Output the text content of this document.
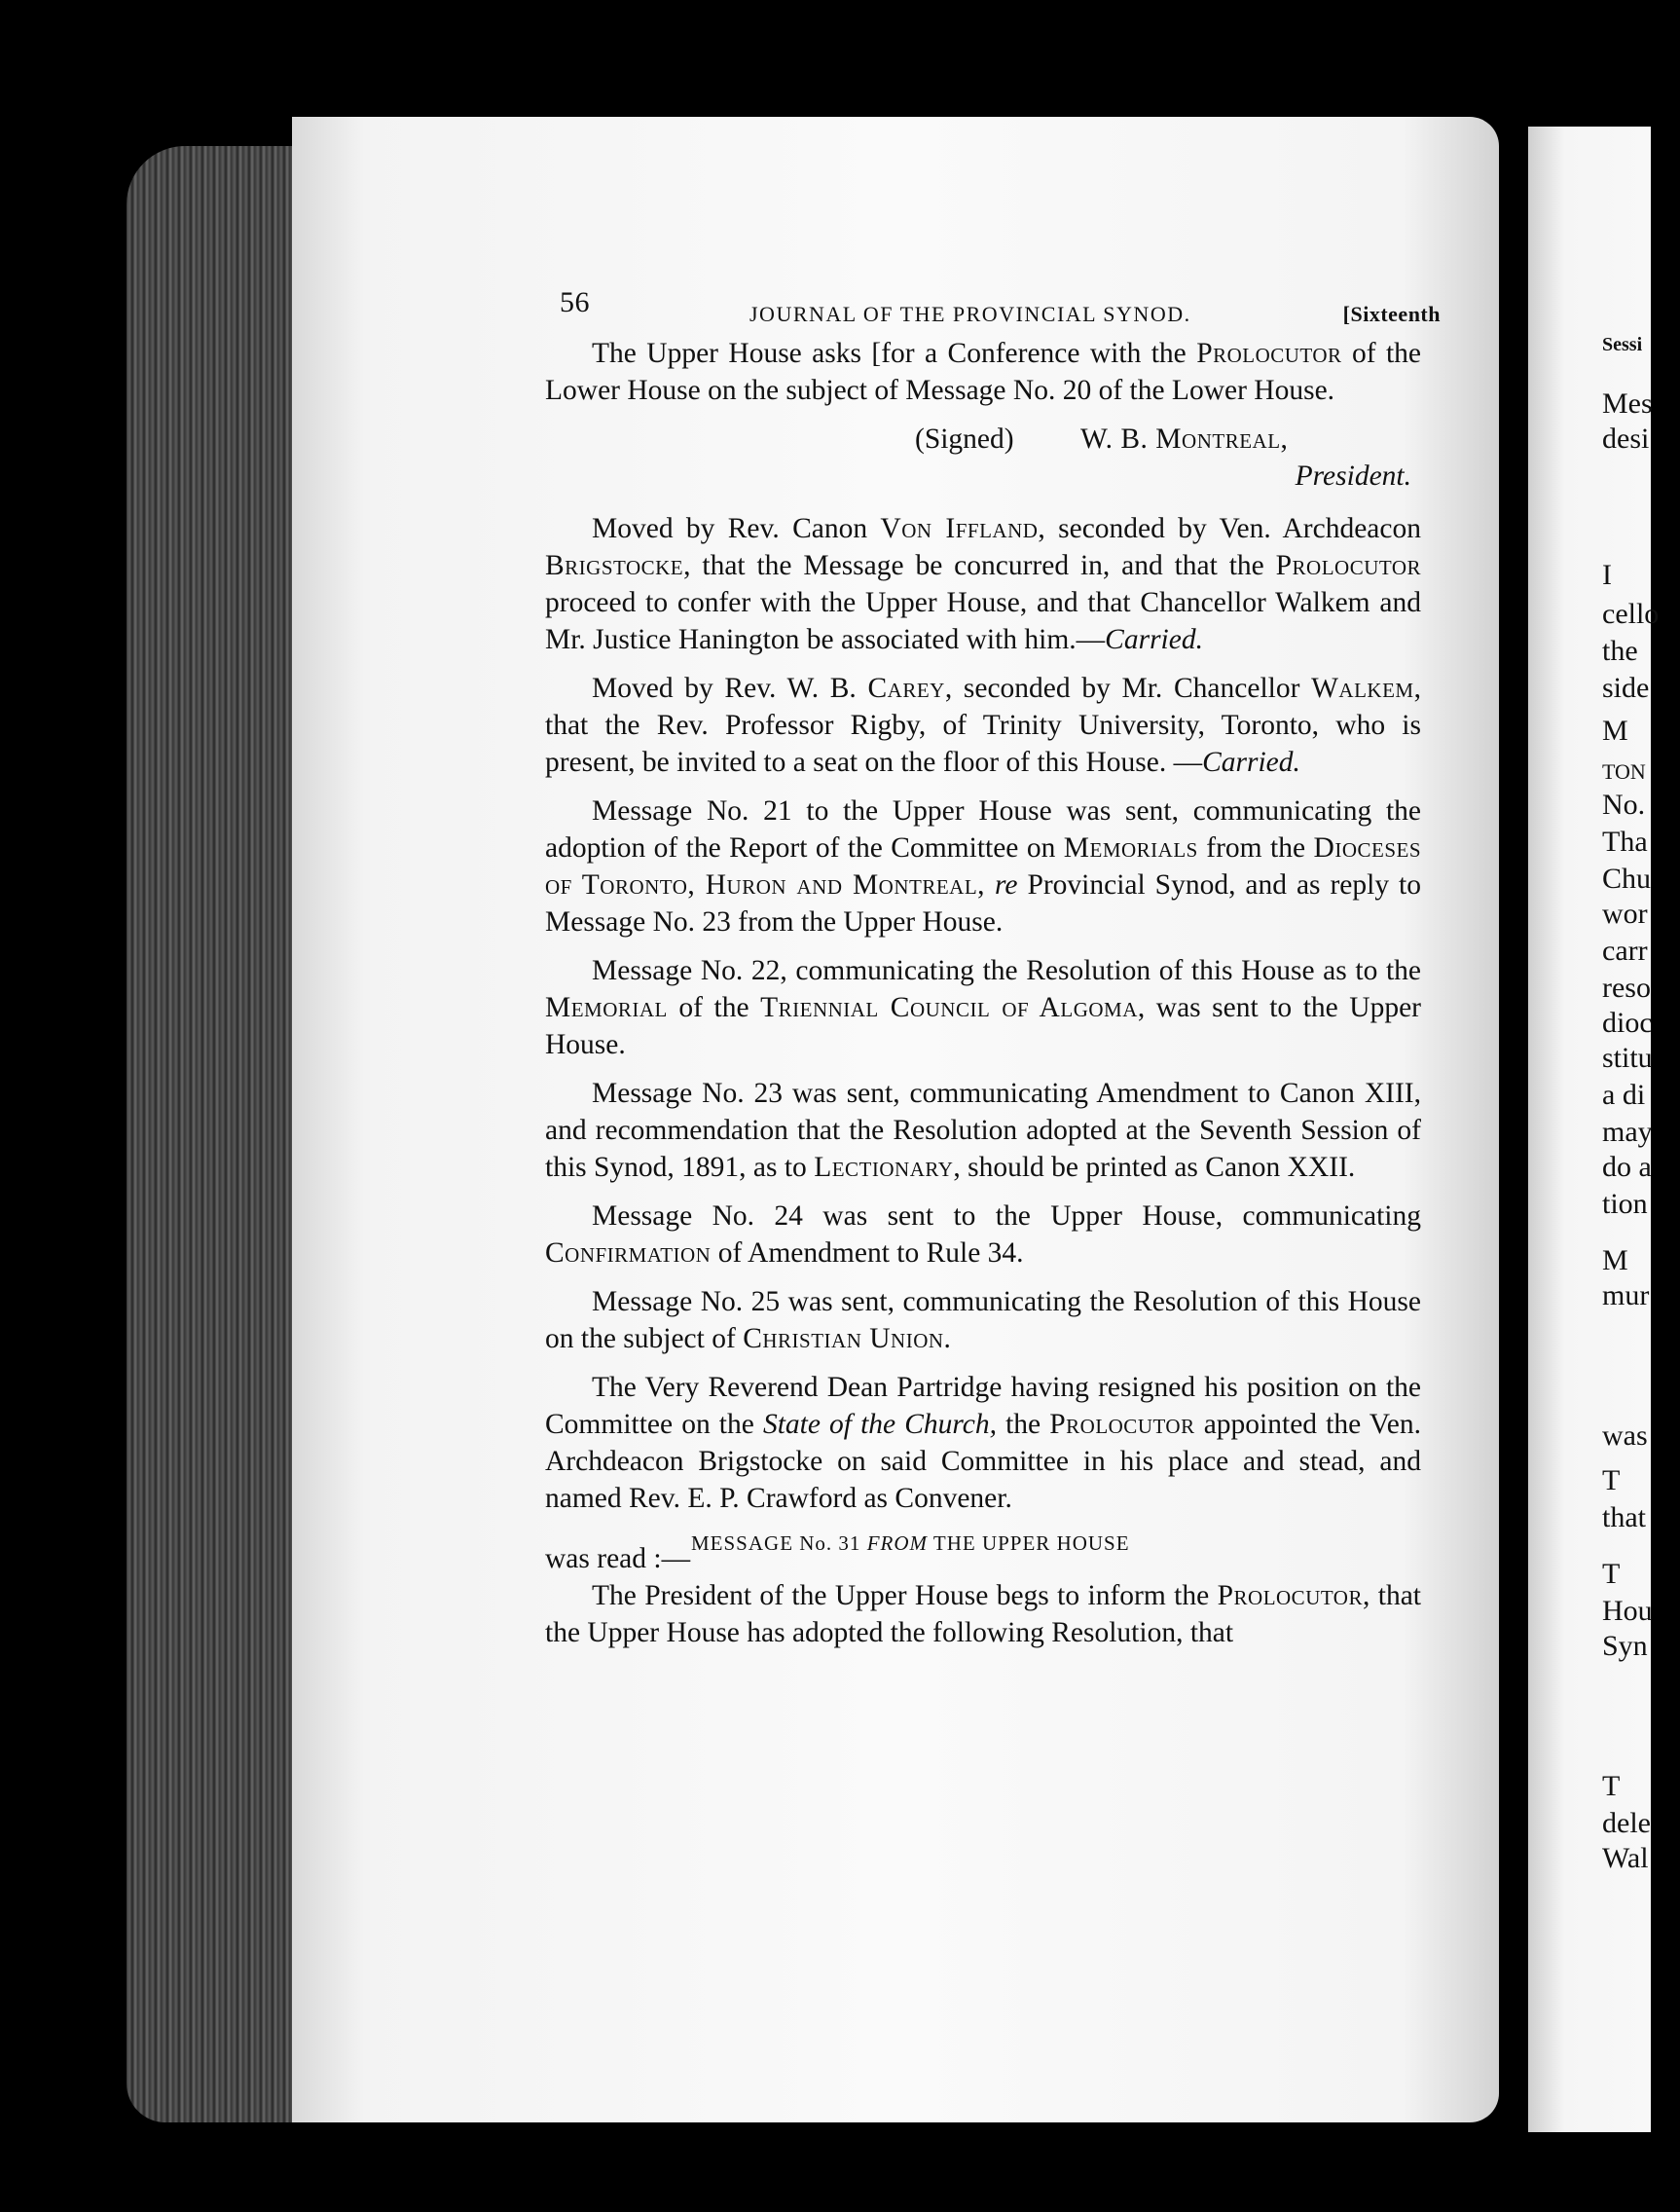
Sessi
Mes
desi
I
cello
the
side
M
TON
No.
Tha
Chu
wor
carr
reso
dioc
stitu
a di
may
do a
tion
M
mur
was
T
that
T
Hou
Syn
T
dele
Wal
56	JOURNAL OF THE PROVINCIAL SYNOD.	[Sixteenth

The Upper House asks [for a Conference with the Prolocutor of the Lower House on the subject of Message No. 20 of the Lower House.

(Signed) W. B. Montreal,
President.

Moved by Rev. Canon Von Iffland, seconded by Ven. Archdeacon Brigstocke, that the Message be concurred in, and that the Prolocutor proceed to confer with the Upper House, and that Chancellor Walkem and Mr. Justice Hanington be associated with him.—Carried.

Moved by Rev. W. B. Carey, seconded by Mr. Chancellor Walkem, that the Rev. Professor Rigby, of Trinity University, Toronto, who is present, be invited to a seat on the floor of this House. —Carried.

Message No. 21 to the Upper House was sent, communicating the adoption of the Report of the Committee on Memorials from the Dioceses of Toronto, Huron and Montreal, re Provincial Synod, and as reply to Message No. 23 from the Upper House.

Message No. 22, communicating the Resolution of this House as to the Memorial of the Triennial Council of Algoma, was sent to the Upper House.

Message No. 23 was sent, communicating Amendment to Canon XIII, and recommendation that the Resolution adopted at the Seventh Session of this Synod, 1891, as to Lectionary, should be printed as Canon XXII.

Message No. 24 was sent to the Upper House, communicating Confirmation of Amendment to Rule 34.

Message No. 25 was sent, communicating the Resolution of this House on the subject of Christian Union.

The Very Reverend Dean Partridge having resigned his position on the Committee on the State of the Church, the Prolocutor appointed the Ven. Archdeacon Brigstocke on said Committee in his place and stead, and named Rev. E. P. Crawford as Convener.

MESSAGE No. 31 FROM THE UPPER HOUSE
was read :—

The President of the Upper House begs to inform the Prolocutor, that the Upper House has adopted the following Resolution, that
